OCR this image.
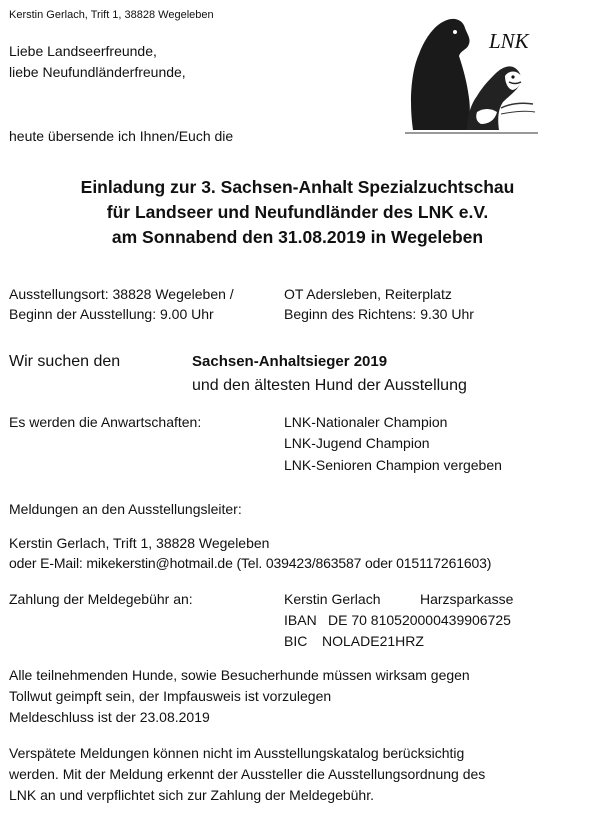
Kerstin Gerlach, Trift 1, 38828 Wegeleben
Liebe Landseerfreunde,
liebe Neufundländerfreunde,
heute übersende ich Ihnen/Euch die
LNK
Einladung zur 3. Sachsen-Anhalt Spezialzuchtschau
für Landseer und Neufundländer des LNK e.V.
am Sonnabend den 31.08.2019 in Wegeleben
Ausstellungsort: 38828 Wegeleben /	OT Adersleben, Reiterplatz
Beginn der Ausstellung: 9.00 Uhr	Beginn des Richtens: 9.30 Uhr
Wir suchen den	Sachsen-Anhaltsieger 2019
und den ältesten Hund der Ausstellung
Es werden die Anwartschaften:	LNK-Nationaler Champion
LNK-Jugend Champion
LNK-Senioren Champion vergeben
Meldungen an den Ausstellungsleiter:
Kerstin Gerlach, Trift 1, 38828 Wegeleben
oder E-Mail: mikekerstin@hotmail.de (Tel. 039423/863587 oder 015117261603)
Zahlung der Meldegebühr an:	Kerstin Gerlach	Harzsparkasse
IBAN DE 70 810520000439906725
BIC NOLADE21HRZ
Alle teilnehmenden Hunde, sowie Besucherhunde müssen wirksam gegen
Tollwut geimpft sein, der Impfausweis ist vorzulegen
Meldeschluss ist der 23.08.2019
Verspätete Meldungen können nicht im Ausstellungskatalog berücksichtig
werden. Mit der Meldung erkennt der Aussteller die Ausstellungsordnung des
LNK an und verpflichtet sich zur Zahlung der Meldegebühr.
